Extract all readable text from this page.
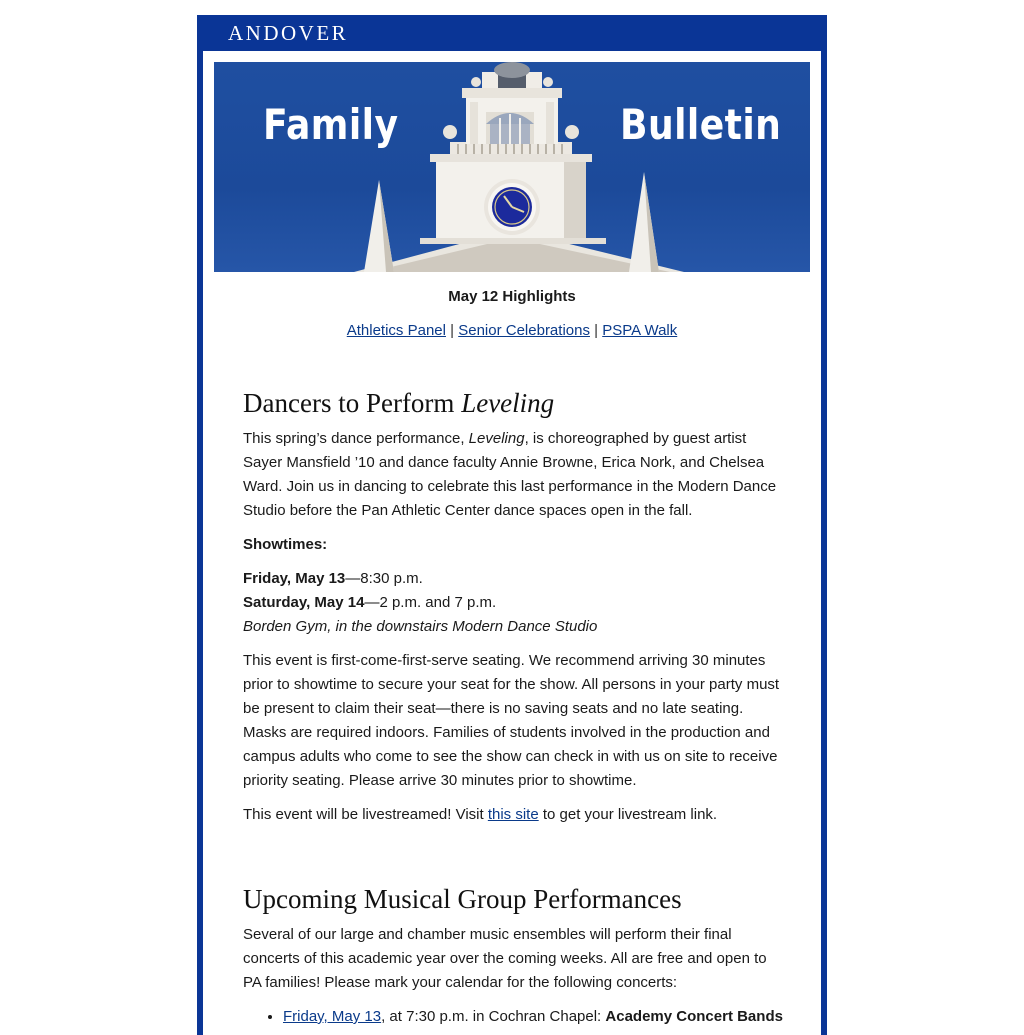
ANDOVER
Family	Bulletin
May 12 Highlights
Athletics Panel | Senior Celebrations | PSPA Walk
Dancers to Perform Leveling

This spring’s dance performance, Leveling, is choreographed by guest artist Sayer Mansfield ’10 and dance faculty Annie Browne, Erica Nork, and Chelsea Ward. Join us in dancing to celebrate this last performance in the Modern Dance Studio before the Pan Athletic Center dance spaces open in the fall.

Showtimes:

Friday, May 13—8:30 p.m.
Saturday, May 14—2 p.m. and 7 p.m.
Borden Gym, in the downstairs Modern Dance Studio

This event is first-come-first-serve seating. We recommend arriving 30 minutes prior to showtime to secure your seat for the show. All persons in your party must be present to claim their seat—there is no saving seats and no late seating. Masks are required indoors. Families of students involved in the production and campus adults who come to see the show can check in with us on site to receive priority seating. Please arrive 30 minutes prior to showtime.

This event will be livestreamed! Visit this site to get your livestream link.

Upcoming Musical Group Performances

Several of our large and chamber music ensembles will perform their final concerts of this academic year over the coming weeks. All are free and open to PA families! Please mark your calendar for the following concerts:

• Friday, May 13, at 7:30 p.m. in Cochran Chapel: Academy Concert Bands
